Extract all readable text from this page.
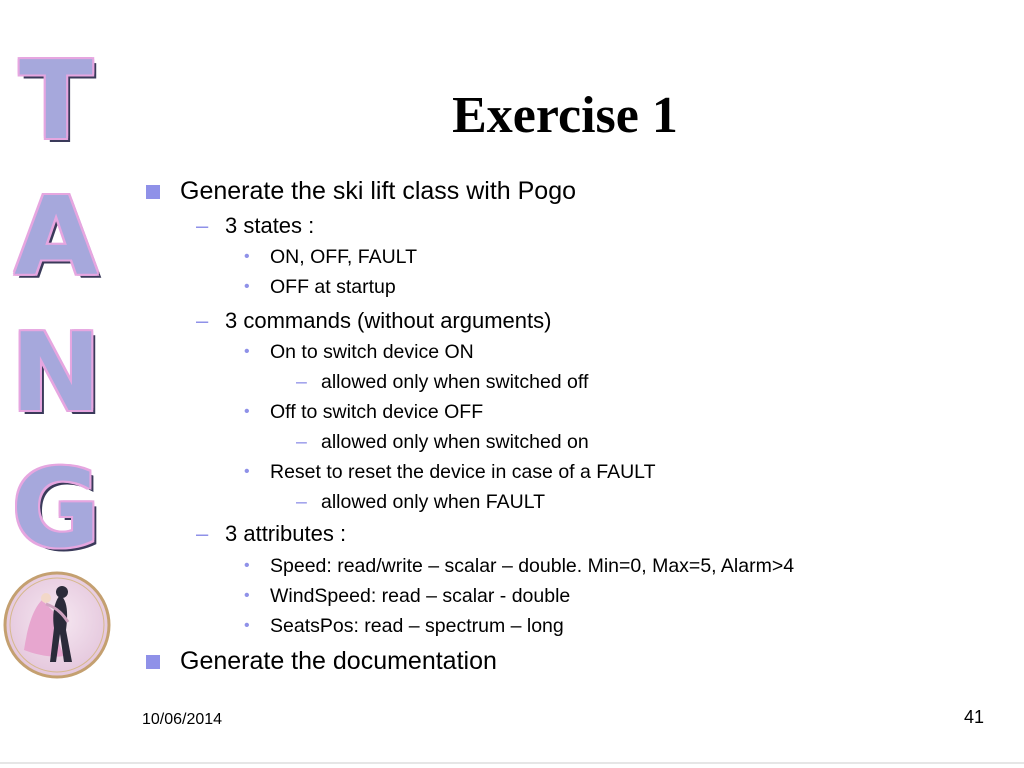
T
A
N
G
Exercise 1
Generate the ski lift class with Pogo
– 3 states :
• ON, OFF, FAULT
• OFF at startup
– 3 commands (without arguments)
• On to switch device ON
– allowed only when switched off
• Off to switch device OFF
– allowed only when switched on
• Reset to reset the device in case of a FAULT
– allowed only when FAULT
– 3 attributes :
• Speed: read/write – scalar – double. Min=0, Max=5, Alarm>4
• WindSpeed: read – scalar - double
• SeatsPos: read – spectrum – long
Generate the documentation
10/06/2014	41
